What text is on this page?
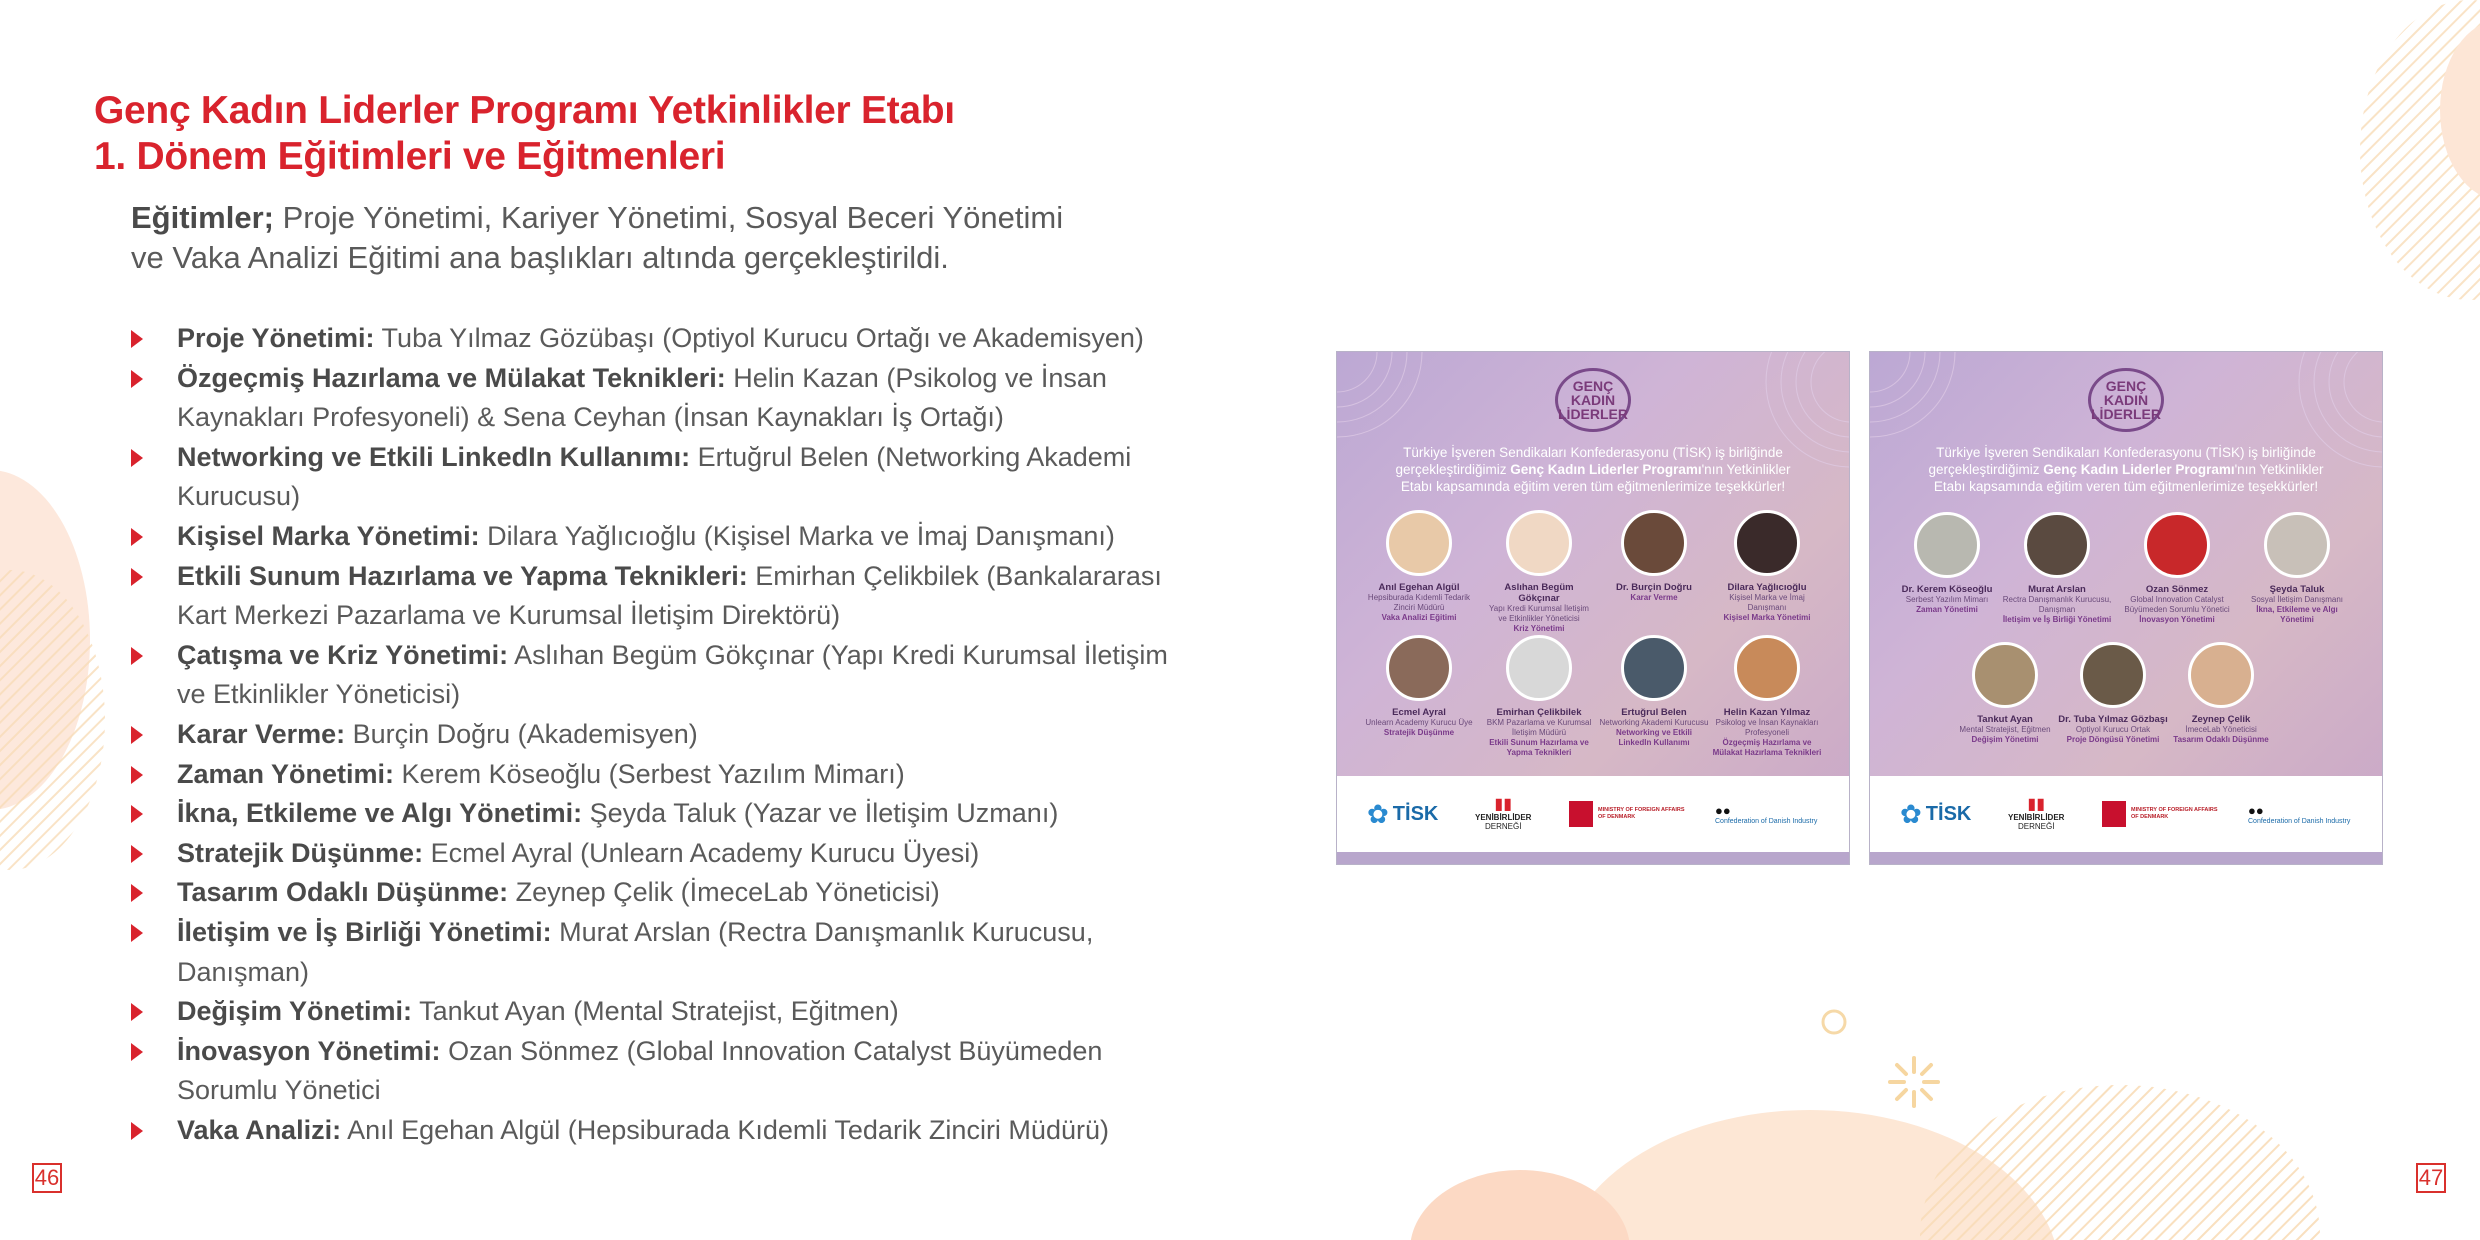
Genç Kadın Liderler Programı Yetkinlikler Etabı
1. Dönem Eğitimleri ve Eğitmenleri
Eğitimler; Proje Yönetimi, Kariyer Yönetimi, Sosyal Beceri Yönetimi
ve Vaka Analizi Eğitimi ana başlıkları altında gerçekleştirildi.
Proje Yönetimi: Tuba Yılmaz Gözübaşı (Optiyol Kurucu Ortağı ve Akademisyen)
Özgeçmiş Hazırlama ve Mülakat Teknikleri: Helin Kazan (Psikolog ve İnsan Kaynakları Profesyoneli) & Sena Ceyhan (İnsan Kaynakları İş Ortağı)
Networking ve Etkili LinkedIn Kullanımı: Ertuğrul Belen (Networking Akademi Kurucusu)
Kişisel Marka Yönetimi: Dilara Yağlıcıoğlu (Kişisel Marka ve İmaj Danışmanı)
Etkili Sunum Hazırlama ve Yapma Teknikleri: Emirhan Çelikbilek (Bankalararası Kart Merkezi Pazarlama ve Kurumsal İletişim Direktörü)
Çatışma ve Kriz Yönetimi: Aslıhan Begüm Gökçınar (Yapı Kredi Kurumsal İletişim ve Etkinlikler Yöneticisi)
Karar Verme: Burçin Doğru (Akademisyen)
Zaman Yönetimi: Kerem Köseoğlu (Serbest Yazılım Mimarı)
İkna, Etkileme ve Algı Yönetimi: Şeyda Taluk (Yazar ve İletişim Uzmanı)
Stratejik Düşünme: Ecmel Ayral (Unlearn Academy Kurucu Üyesi)
Tasarım Odaklı Düşünme: Zeynep Çelik (İmeceLab Yöneticisi)
İletişim ve İş Birliği Yönetimi: Murat Arslan (Rectra Danışmanlık Kurucusu, Danışman)
Değişim Yönetimi: Tankut Ayan (Mental Stratejist, Eğitmen)
İnovasyon Yönetimi: Ozan Sönmez (Global Innovation Catalyst Büyümeden Sorumlu Yönetici
Vaka Analizi: Anıl Egehan Algül (Hepsiburada Kıdemli Tedarik Zinciri Müdürü)
46	47
GENÇ
KADIN
LİDERLER
Türkiye İşveren Sendikaları Konfederasyonu (TİSK) iş birliğinde
gerçekleştirdiğimiz Genç Kadın Liderler Programı'nın Yetkinlikler
Etabı kapsamında eğitim veren tüm eğitmenlerimize teşekkürler!
Anıl Egehan Algül
Hepsiburada Kıdemli Tedarik Zinciri Müdürü
Vaka Analizi Eğitimi
Aslıhan Begüm Gökçınar
Yapı Kredi Kurumsal İletişim ve Etkinlikler Yöneticisi
Kriz Yönetimi
Dr. Burçin Doğru
Karar Verme
Dilara Yağlıcıoğlu
Kişisel Marka ve İmaj Danışmanı
Kişisel Marka Yönetimi
Ecmel Ayral
Unlearn Academy Kurucu Üye
Stratejik Düşünme
Emirhan Çelikbilek
BKM Pazarlama ve Kurumsal İletişim Müdürü
Etkili Sunum Hazırlama ve Yapma Teknikleri
Ertuğrul Belen
Networking Akademi Kurucusu
Networking ve Etkili LinkedIn Kullanımı
Helin Kazan Yılmaz
Psikolog ve İnsan Kaynakları Profesyoneli
Özgeçmiş Hazırlama ve Mülakat Hazırlama Teknikleri
✿ TİSK	▮▮
YENİBİRLİDER
DERNEĞİ
MINISTRY OF FOREIGN AFFAIRS OF DENMARK	●●
Confederation of Danish Industry
GENÇ
KADIN
LİDERLER
Türkiye İşveren Sendikaları Konfederasyonu (TİSK) iş birliğinde
gerçekleştirdiğimiz Genç Kadın Liderler Programı'nın Yetkinlikler
Etabı kapsamında eğitim veren tüm eğitmenlerimize teşekkürler!
Dr. Kerem Köseoğlu
Serbest Yazılım Mimarı
Zaman Yönetimi
Murat Arslan
Rectra Danışmanlık Kurucusu, Danışman
İletişim ve İş Birliği Yönetimi
Ozan Sönmez
Global Innovation Catalyst Büyümeden Sorumlu Yönetici
İnovasyon Yönetimi
Şeyda Taluk
Sosyal İletişim Danışmanı
İkna, Etkileme ve Algı Yönetimi
Tankut Ayan
Mental Stratejist, Eğitmen
Değişim Yönetimi
Dr. Tuba Yılmaz Gözbaşı
Optiyol Kurucu Ortak
Proje Döngüsü Yönetimi
Zeynep Çelik
İmeceLab Yöneticisi
Tasarım Odaklı Düşünme
✿ TİSK	▮▮
YENİBİRLİDER
DERNEĞİ
MINISTRY OF FOREIGN AFFAIRS OF DENMARK	●●
Confederation of Danish Industry
